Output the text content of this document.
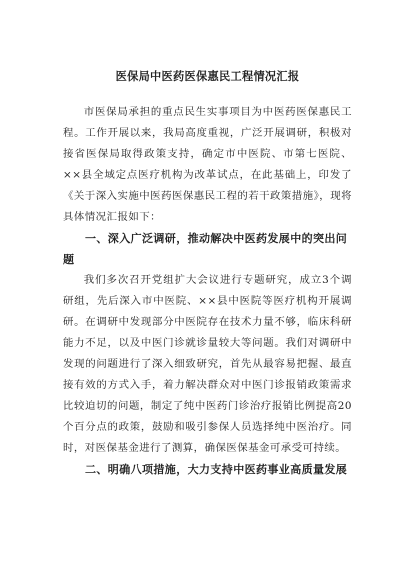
医保局中医药医保惠民工程情况汇报

市医保局承担的重点民生实事项目为中医药医保惠民工程。工作开展以来，我局高度重视，广泛开展调研，积极对接省医保局取得政策支持，确定市中医院、市第七医院、××县全域定点医疗机构为改革试点，在此基础上，印发了《关于深入实施中医药医保惠民工程的若干政策措施》，现将具体情况汇报如下：

一、深入广泛调研，推动解决中医药发展中的突出问题

我们多次召开党组扩大会议进行专题研究，成立3个调研组，先后深入市中医院、××县中医院等医疗机构开展调研。在调研中发现部分中医院存在技术力量不够，临床科研能力不足，以及中医门诊就诊量较大等问题。我们对调研中发现的问题进行了深入细致研究，首先从最容易把握、最直接有效的方式入手，着力解决群众对中医门诊报销政策需求比较迫切的问题，制定了纯中医药门诊治疗报销比例提高20个百分点的政策，鼓励和吸引参保人员选择纯中医治疗。同时，对医保基金进行了测算，确保医保基金可承受可持续。

二、明确八项措施，大力支持中医药事业高质量发展
